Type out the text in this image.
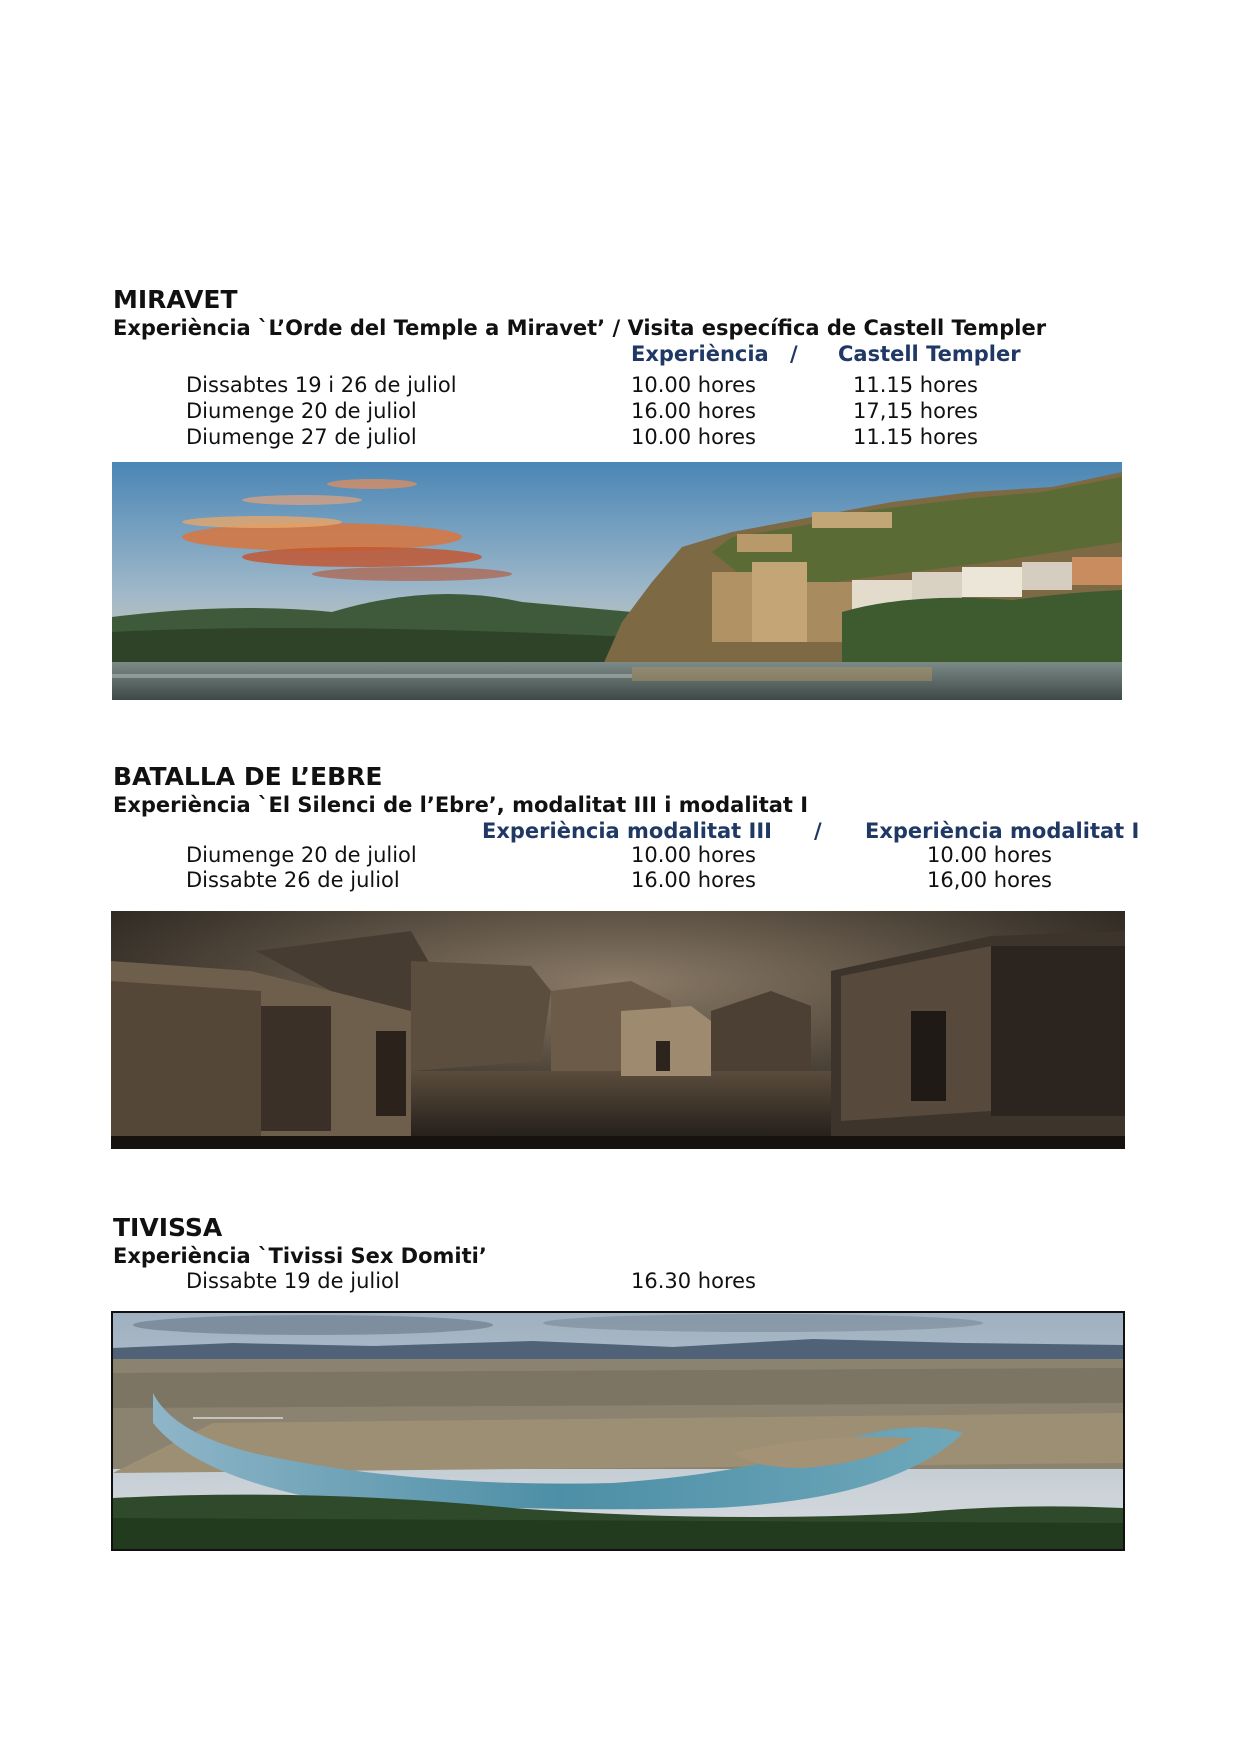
MIRAVET
Experiència `L’Orde del Temple a Miravet’ / Visita específica de Castell Templer
Experiència / Castell Templer
Dissabtes 19 i 26 de juliol	10.00 hores	11.15 hores
Diumenge 20 de juliol	16.00 hores	17,15 hores
Diumenge 27 de juliol	10.00 hores	11.15 hores
BATALLA DE L’EBRE
Experiència `El Silenci de l’Ebre’, modalitat III i modalitat I
Experiència modalitat III / Experiència modalitat I
Diumenge 20 de juliol	10.00 hores	10.00 hores
Dissabte 26 de juliol	16.00 hores	16,00 hores
TIVISSA
Experiència `Tivissi Sex Domiti’
Dissabte 19 de juliol	16.30 hores
